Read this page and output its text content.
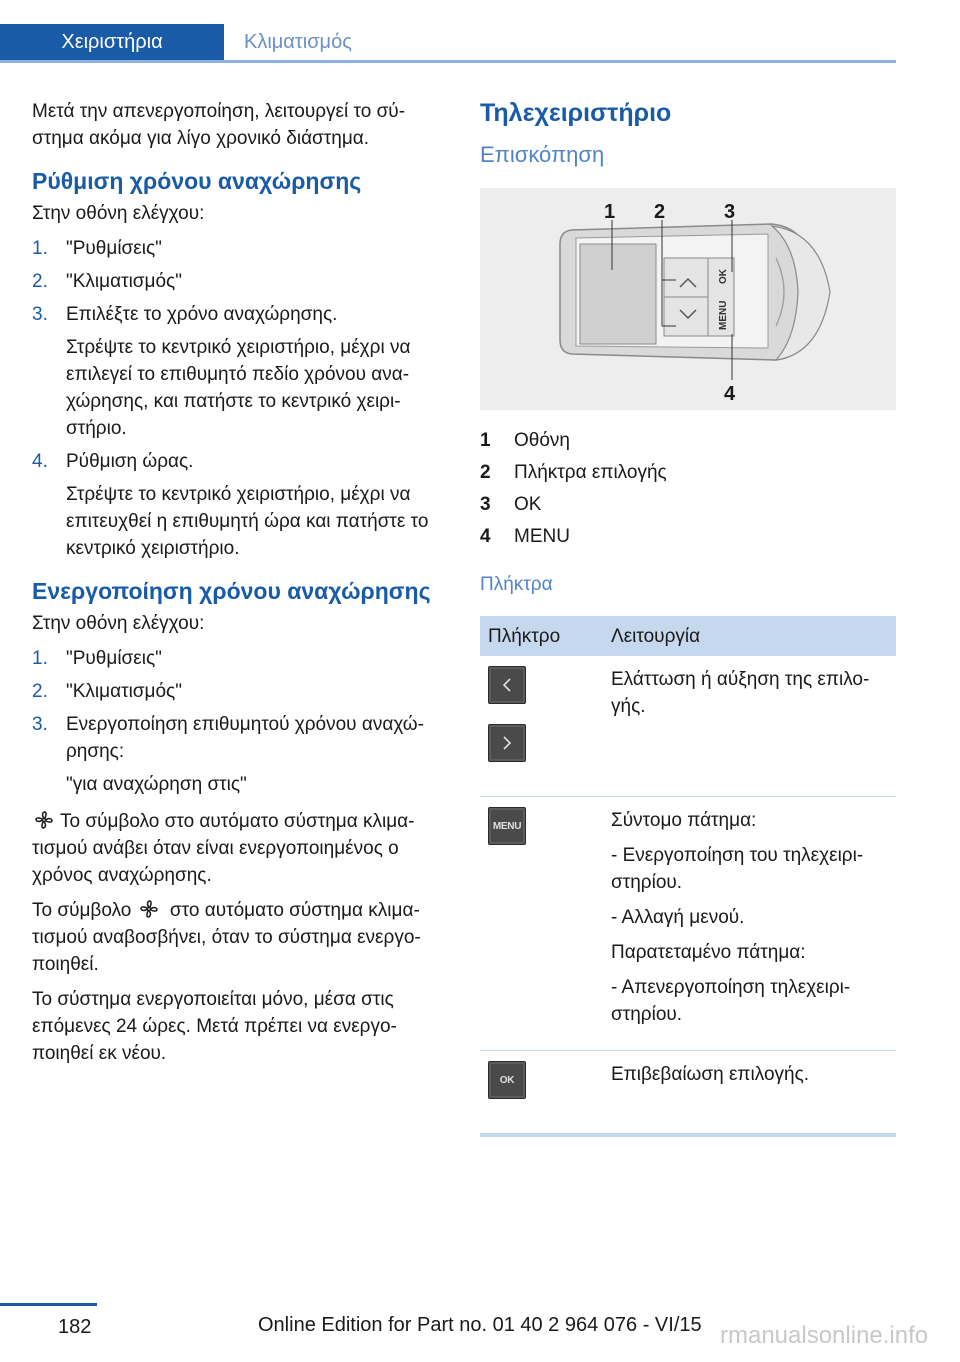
Χειριστήρια	Κλιματισμός

Μετά την απενεργοποίηση, λειτουργεί το σύ-στημα ακόμα για λίγο χρονικό διάστημα.

Ρύθμιση χρόνου αναχώρησης

Στην οθόνη ελέγχου:

1. "Ρυθμίσεις"
2. "Κλιματισμός"
3. Επιλέξτε το χρόνο αναχώρησης.
Στρέψτε το κεντρικό χειριστήριο, μέχρι να επιλεγεί το επιθυμητό πεδίο χρόνου ανα-χώρησης, και πατήστε το κεντρικό χειρι-στήριο.
4. Ρύθμιση ώρας.
Στρέψτε το κεντρικό χειριστήριο, μέχρι να επιτευχθεί η επιθυμητή ώρα και πατήστε το κεντρικό χειριστήριο.
Ενεργοποίηση χρόνου αναχώρησης

Στην οθόνη ελέγχου:

1. "Ρυθμίσεις"
2. "Κλιματισμός"
3. Ενεργοποίηση επιθυμητού χρόνου αναχώ-ρησης:
"για αναχώρηση στις"

Το σύμβολο στο αυτόματο σύστημα κλιμα-τισμού ανάβει όταν είναι ενεργοποιημένος ο χρόνος αναχώρησης.

Το σύμβολο στο αυτόματο σύστημα κλιμα-τισμού αναβοσβήνει, όταν το σύστημα ενεργο-ποιηθεί.

Το σύστημα ενεργοποιείται μόνο, μέσα στις επόμενες 24 ώρες. Μετά πρέπει να ενεργο-ποιηθεί εκ νέου.

Τηλεχειριστήριο
Επισκόπηση
OK
MENU
1 2	3
4
1	Οθόνη
2	Πλήκτρα επιλογής
3	OK
4	MENU
Πλήκτρα
Πλήκτρο	Λειτουργία

Ελάττωση ή αύξηση της επιλο-γής.

MENU	Σύντομο πάτημα:

- Ενεργοποίηση του τηλεχειρι-στηρίου.

- Αλλαγή μενού.

Παρατεταμένο πάτημα:

- Απενεργοποίηση τηλεχειρι-στηρίου.

OK	Επιβεβαίωση επιλογής.

182	Online Edition for Part no. 01 40 2 964 076 - VI/15 rmanualsonline.info
